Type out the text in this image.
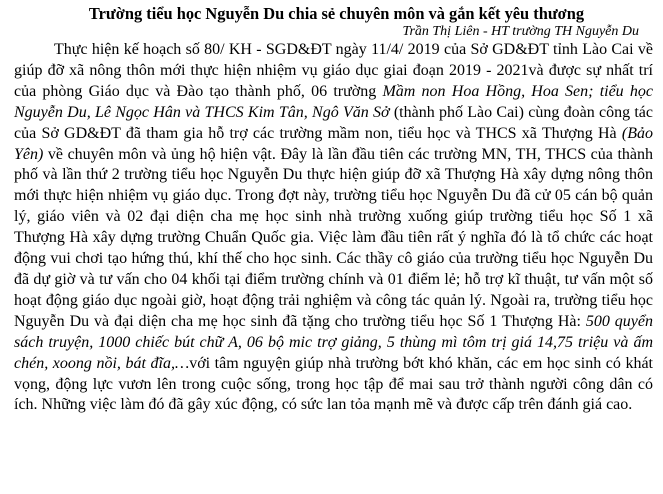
Trường tiểu học Nguyễn Du chia sẻ chuyên môn và gắn kết yêu thương

Trần Thị Liên - HT trường TH Nguyễn Du

Thực hiện kế hoạch số 80/ KH - SGD&ĐT ngày 11/4/ 2019 của Sở GD&ĐT tỉnh Lào Cai về giúp đỡ xã nông thôn mới thực hiện nhiệm vụ giáo dục giai đoạn 2019 - 2021và được sự nhất trí của phòng Giáo dục và Đào tạo thành phố, 06 trường Mầm non Hoa Hồng, Hoa Sen; tiểu học Nguyễn Du, Lê Ngọc Hân và THCS Kim Tân, Ngô Văn Sở (thành phố Lào Cai) cùng đoàn công tác của Sở GD&ĐT đã tham gia hỗ trợ các trường mầm non, tiểu học và THCS xã Thượng Hà (Bảo Yên) về chuyên môn và ủng hộ hiện vật. Đây là lần đầu tiên các trường MN, TH, THCS của thành phố và lần thứ 2 trường tiểu học Nguyễn Du thực hiện giúp đỡ xã Thượng Hà xây dựng nông thôn mới thực hiện nhiệm vụ giáo dục. Trong đợt này, trường tiểu học Nguyễn Du đã cử 05 cán bộ quản lý, giáo viên và 02 đại diện cha mẹ học sinh nhà trường xuống giúp trường tiểu học Số 1 xã Thượng Hà xây dựng trường Chuẩn Quốc gia. Việc làm đầu tiên rất ý nghĩa đó là tổ chức các hoạt động vui chơi tạo hứng thú, khí thế cho học sinh. Các thầy cô giáo của trường tiểu học Nguyễn Du đã dự giờ và tư vấn cho 04 khối tại điểm trường chính và 01 điểm lẻ; hỗ trợ kĩ thuật, tư vấn một số hoạt động giáo dục ngoài giờ, hoạt động trải nghiệm và công tác quản lý. Ngoài ra, trường tiểu học Nguyễn Du và đại diện cha mẹ học sinh đã tặng cho trường tiểu học Số 1 Thượng Hà: 500 quyển sách truyện, 1000 chiếc bút chữ A, 06 bộ mic trợ giảng, 5 thùng mì tôm trị giá 14,75 triệu và ấm chén, xoong nồi, bát đĩa,…với tâm nguyện giúp nhà trường bớt khó khăn, các em học sinh có khát vọng, động lực vươn lên trong cuộc sống, trong học tập để mai sau trở thành người công dân có ích. Những việc làm đó đã gây xúc động, có sức lan tỏa mạnh mẽ và được cấp trên đánh giá cao.
